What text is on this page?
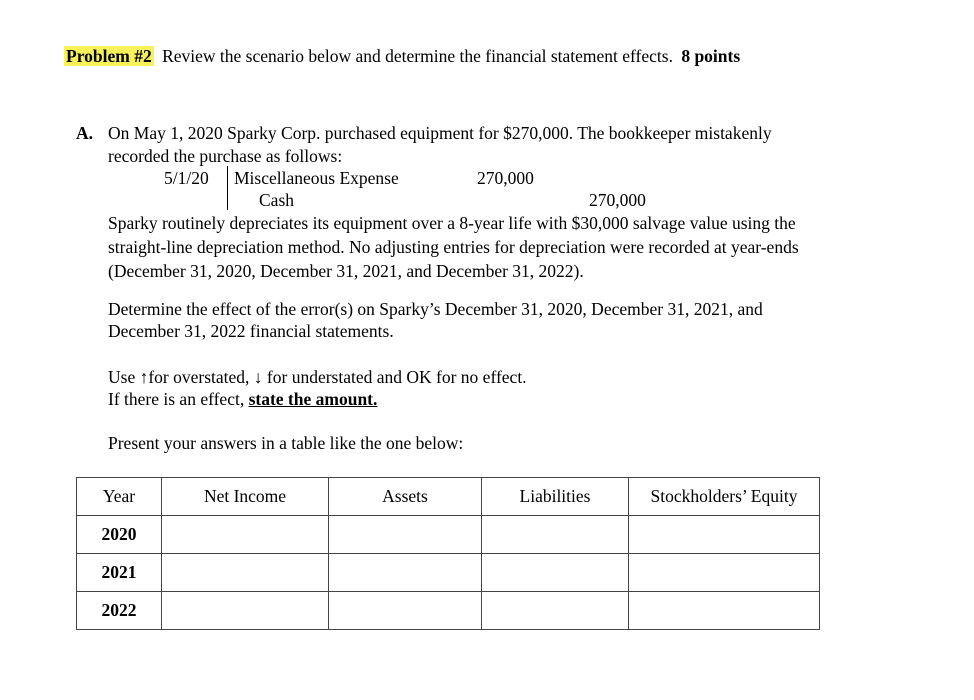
Problem #2 Review the scenario below and determine the financial statement effects. 8 points
A. On May 1, 2020 Sparky Corp. purchased equipment for $270,000. The bookkeeper mistakenly
recorded the purchase as follows:
5/1/20 Miscellaneous Expense	270,000
Cash	270,000
Sparky routinely depreciates its equipment over a 8-year life with $30,000 salvage value using the
straight-line depreciation method. No adjusting entries for depreciation were recorded at year-ends
(December 31, 2020, December 31, 2021, and December 31, 2022).
Determine the effect of the error(s) on Sparky’s December 31, 2020, December 31, 2021, and
December 31, 2022 financial statements.
Use ↑for overstated, ↓ for understated and OK for no effect.
If there is an effect, state the amount.
Present your answers in a table like the one below:
Year	Net Income	Assets	Liabilities	Stockholders’ Equity
2020				
2021				
2022				
